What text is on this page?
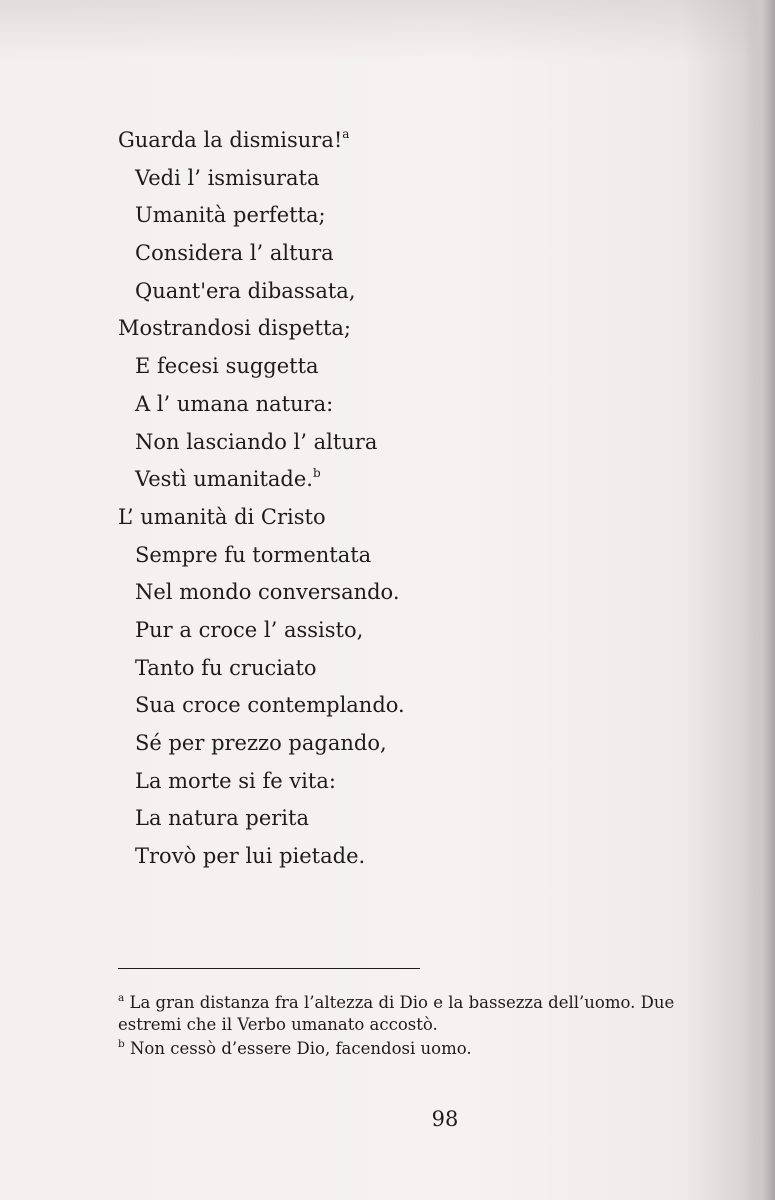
Guarda la dismisura!$^a$
Vedi l’ ismisurata
Umanità perfetta;
Considera l’ altura
Quant'era dibassata,
Mostrandosi dispetta;
E fecesi suggetta
A l’ umana natura:
Non lasciando l’ altura
Vestì umanitade.$^b$
L’ umanità di Cristo
Sempre fu tormentata
Nel mondo conversando.
Pur a croce l’ assisto,
Tanto fu cruciato
Sua croce contemplando.
Sé per prezzo pagando,
La morte si fe vita:
La natura perita
Trovò per lui pietade.
$^a$ La gran distanza fra l’altezza di Dio e la bassezza dell’uomo. Due estremi che il Verbo umanato accostò.
$^b$ Non cessò d’essere Dio, facendosi uomo.
98
